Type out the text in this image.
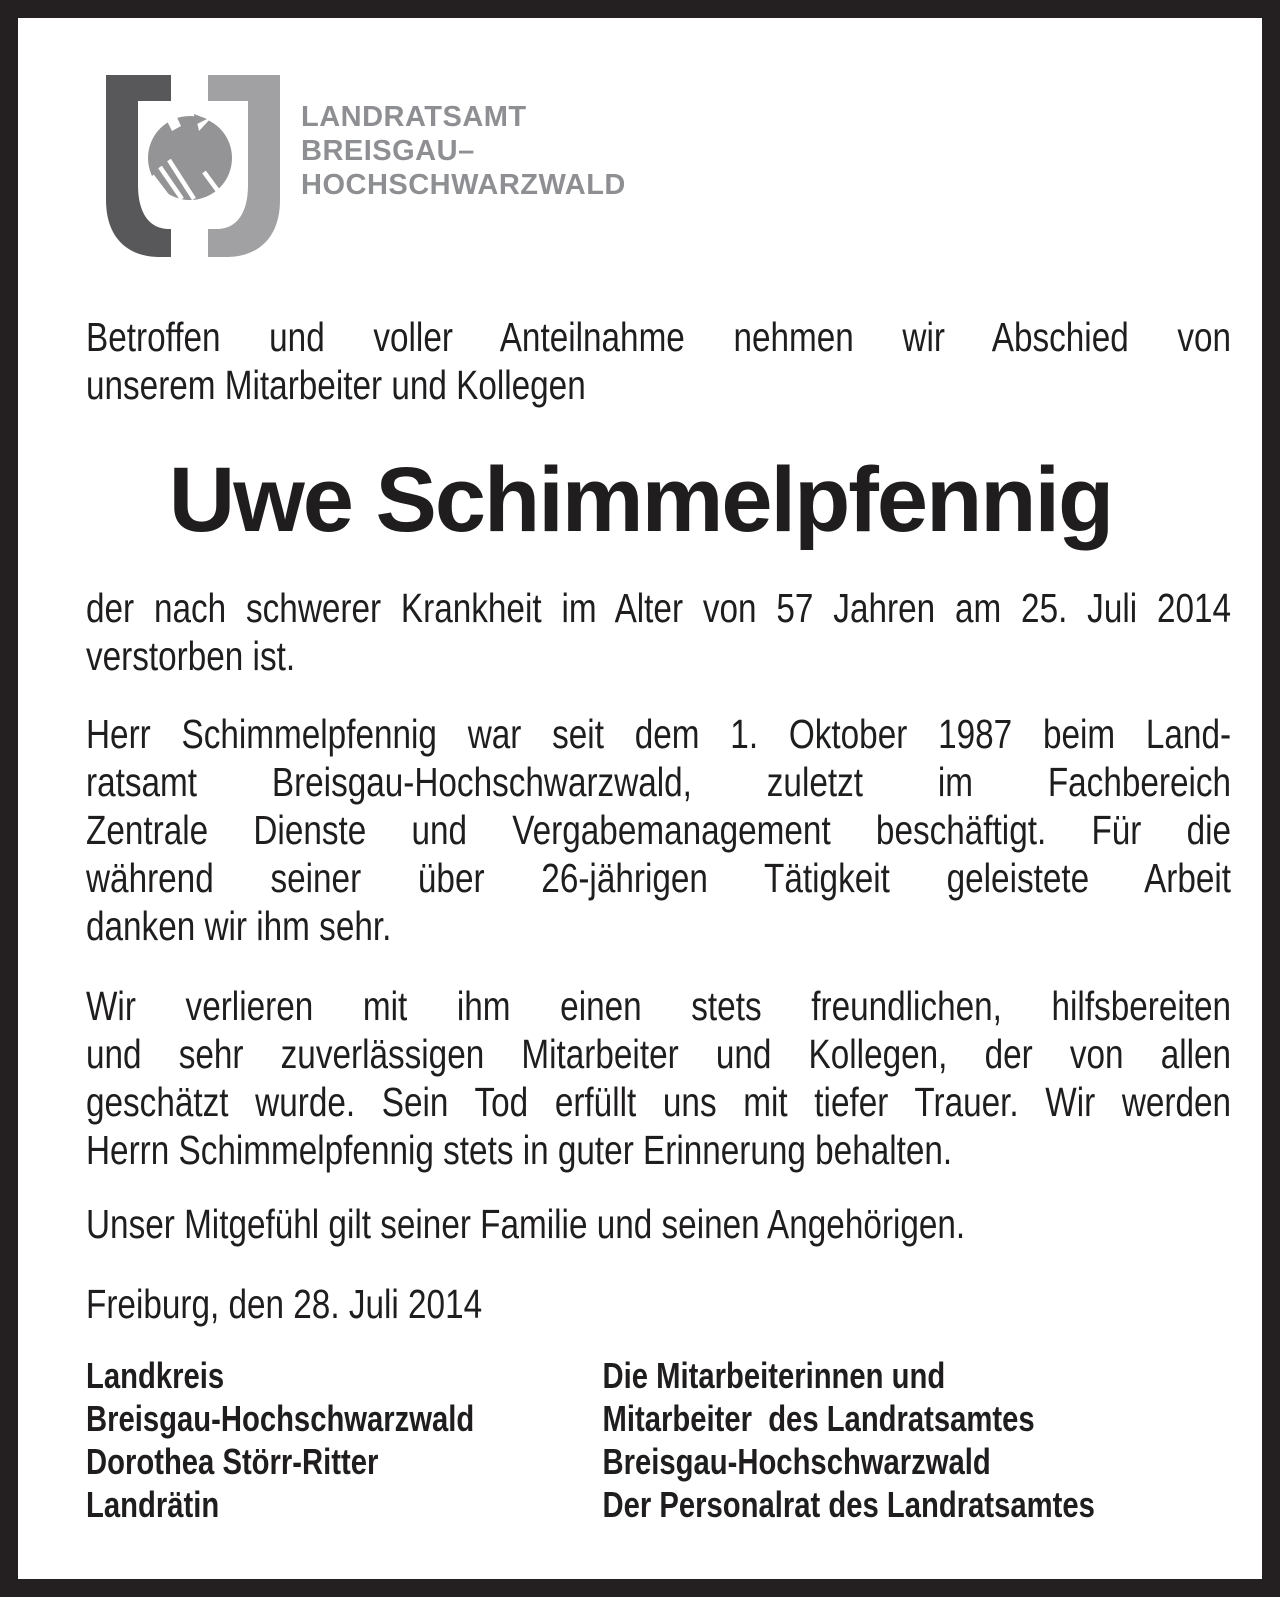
LANDRATSAMT
BREISGAU–
HOCHSCHWARZWALD
Betroffen und voller Anteilnahme nehmen wir Abschied von
unserem Mitarbeiter und Kollegen
Uwe Schimmelpfennig
der nach schwerer Krankheit im Alter von 57 Jahren am 25. Juli 2014
verstorben ist.
Herr Schimmelpfennig war seit dem 1. Oktober 1987 beim Land-
ratsamt Breisgau-Hochschwarzwald, zuletzt im Fachbereich
Zentrale Dienste und Vergabemanagement beschäftigt. Für die
während seiner über 26-jährigen Tätigkeit geleistete Arbeit
danken wir ihm sehr.
Wir verlieren mit ihm einen stets freundlichen, hilfsbereiten
und sehr zuverlässigen Mitarbeiter und Kollegen, der von allen
geschätzt wurde. Sein Tod erfüllt uns mit tiefer Trauer. Wir werden
Herrn Schimmelpfennig stets in guter Erinnerung behalten.
Unser Mitgefühl gilt seiner Familie und seinen Angehörigen.
Freiburg, den 28. Juli 2014
Landkreis
Breisgau-Hochschwarzwald
Dorothea Störr-Ritter
Landrätin
Die Mitarbeiterinnen und
Mitarbeiter  des Landratsamtes
Breisgau-Hochschwarzwald
Der Personalrat des Landratsamtes
